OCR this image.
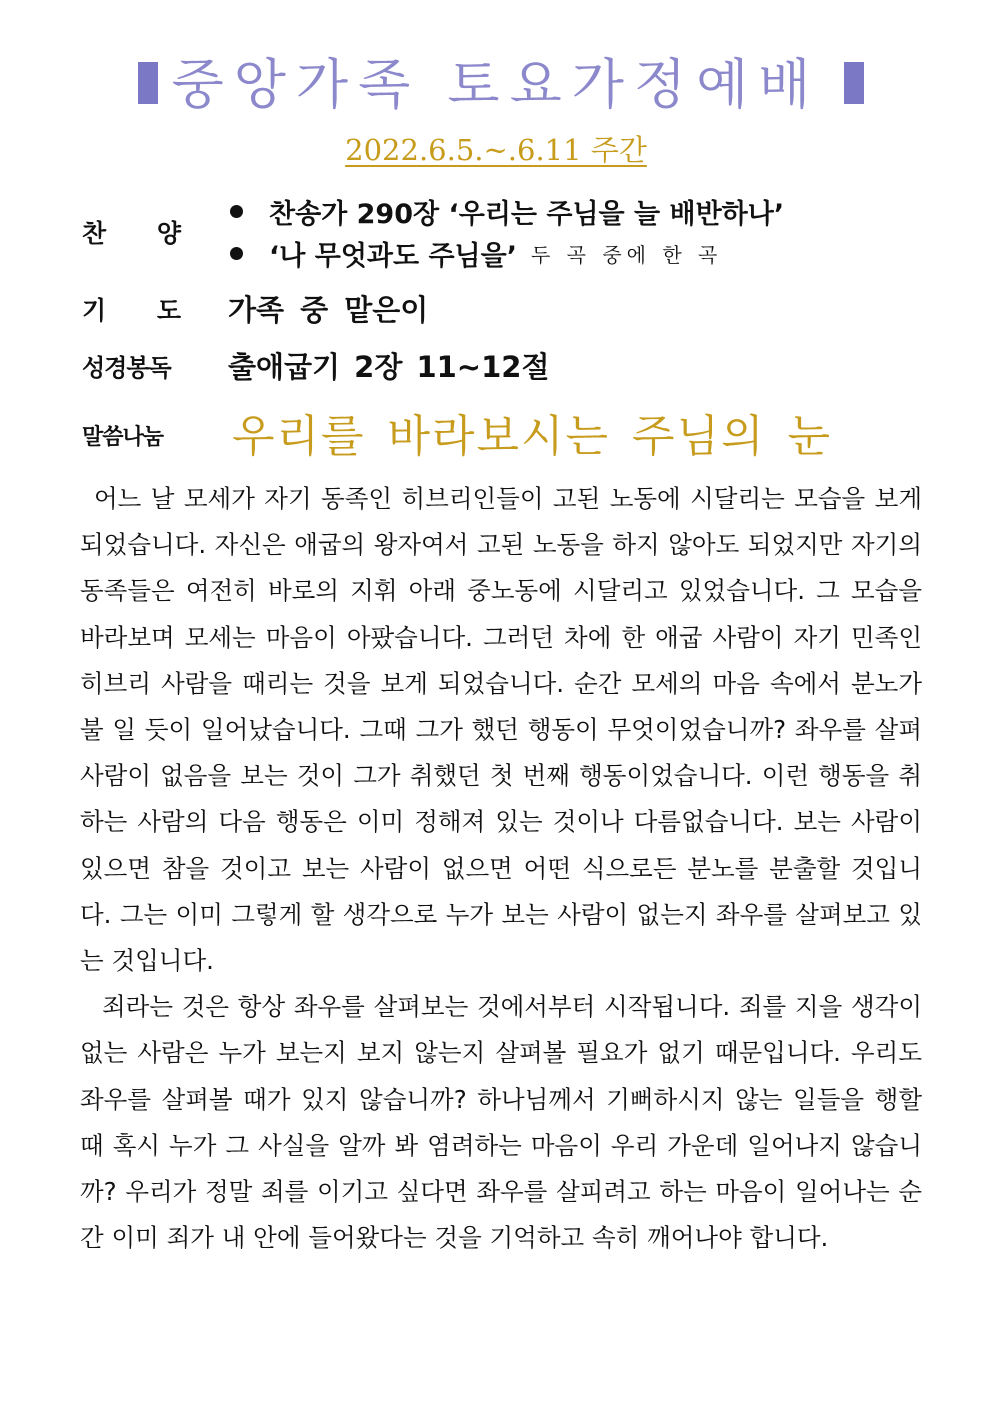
중앙가족 토요가정예배
2022.6.5.~.6.11 주간
찬 양
찬송가 290장 ‘우리는 주님을 늘 배반하나’
‘나 무엇과도 주님을’ 두 곡 중에 한 곡
기 도 가족 중 맡은이
성경봉독 출애굽기 2장 11~12절
말씀나눔 우리를 바라보시는 주님의 눈

어느 날 모세가 자기 동족인 히브리인들이 고된 노동에 시달리는 모습을 보게 되었습니다. 자신은 애굽의 왕자여서 고된 노동을 하지 않아도 되었지만 자기의 동족들은 여전히 바로의 지휘 아래 중노동에 시달리고 있었습니다. 그 모습을 바라보며 모세는 마음이 아팠습니다. 그러던 차에 한 애굽 사람이 자기 민족인 히브리 사람을 때리는 것을 보게 되었습니다. 순간 모세의 마음 속에서 분노가 불 일 듯이 일어났습니다. 그때 그가 했던 행동이 무엇이었습니까? 좌우를 살펴 사람이 없음을 보는 것이 그가 취했던 첫 번째 행동이었습니다. 이런 행동을 취하는 사람의 다음 행동은 이미 정해져 있는 것이나 다름없습니다. 보는 사람이 있으면 참을 것이고 보는 사람이 없으면 어떤 식으로든 분노를 분출할 것입니다. 그는 이미 그렇게 할 생각으로 누가 보는 사람이 없는지 좌우를 살펴보고 있는 것입니다.

죄라는 것은 항상 좌우를 살펴보는 것에서부터 시작됩니다. 죄를 지을 생각이 없는 사람은 누가 보는지 보지 않는지 살펴볼 필요가 없기 때문입니다. 우리도 좌우를 살펴볼 때가 있지 않습니까? 하나님께서 기뻐하시지 않는 일들을 행할 때 혹시 누가 그 사실을 알까 봐 염려하는 마음이 우리 가운데 일어나지 않습니까? 우리가 정말 죄를 이기고 싶다면 좌우를 살피려고 하는 마음이 일어나는 순간 이미 죄가 내 안에 들어왔다는 것을 기억하고 속히 깨어나야 합니다.
